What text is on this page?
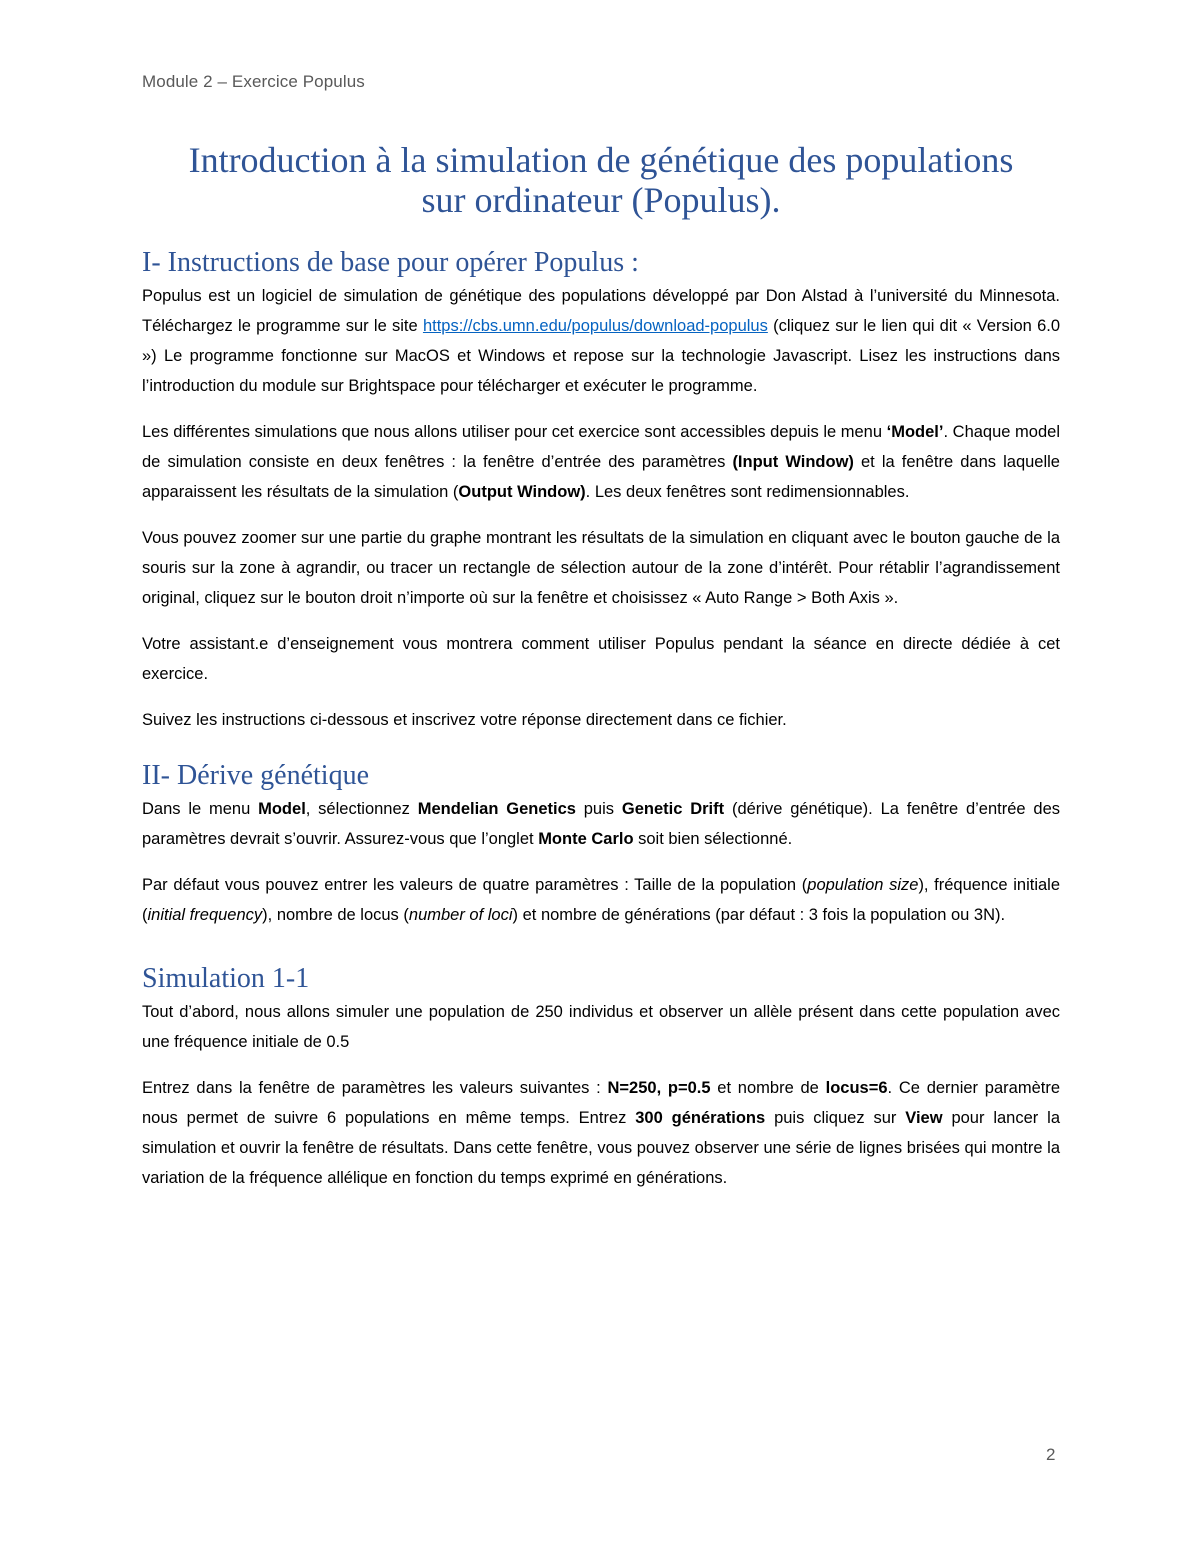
Module 2 – Exercice Populus
Introduction à la simulation de génétique des populations
sur ordinateur (Populus).
I- Instructions de base pour opérer Populus :

Populus est un logiciel de simulation de génétique des populations développé par Don Alstad à l’université du Minnesota. Téléchargez le programme sur le site https://cbs.umn.edu/populus/download-populus (cliquez sur le lien qui dit « Version 6.0 ») Le programme fonctionne sur MacOS et Windows et repose sur la technologie Javascript. Lisez les instructions dans l’introduction du module sur Brightspace pour télécharger et exécuter le programme.

Les différentes simulations que nous allons utiliser pour cet exercice sont accessibles depuis le menu ‘Model’. Chaque model de simulation consiste en deux fenêtres : la fenêtre d’entrée des paramètres (Input Window) et la fenêtre dans laquelle apparaissent les résultats de la simulation (Output Window). Les deux fenêtres sont redimensionnables.

Vous pouvez zoomer sur une partie du graphe montrant les résultats de la simulation en cliquant avec le bouton gauche de la souris sur la zone à agrandir, ou tracer un rectangle de sélection autour de la zone d’intérêt. Pour rétablir l’agrandissement original, cliquez sur le bouton droit n’importe où sur la fenêtre et choisissez « Auto Range > Both Axis ».

Votre assistant.e d’enseignement vous montrera comment utiliser Populus pendant la séance en directe dédiée à cet exercice.

Suivez les instructions ci-dessous et inscrivez votre réponse directement dans ce fichier.

II- Dérive génétique

Dans le menu Model, sélectionnez Mendelian Genetics puis Genetic Drift (dérive génétique). La fenêtre d’entrée des paramètres devrait s’ouvrir. Assurez-vous que l’onglet Monte Carlo soit bien sélectionné.

Par défaut vous pouvez entrer les valeurs de quatre paramètres : Taille de la population (population size), fréquence initiale (initial frequency), nombre de locus (number of loci) et nombre de générations (par défaut : 3 fois la population ou 3N).

Simulation 1-1

Tout d’abord, nous allons simuler une population de 250 individus et observer un allèle présent dans cette population avec une fréquence initiale de 0.5

Entrez dans la fenêtre de paramètres les valeurs suivantes : N=250, p=0.5 et nombre de locus=6. Ce dernier paramètre nous permet de suivre 6 populations en même temps. Entrez 300 générations puis cliquez sur View pour lancer la simulation et ouvrir la fenêtre de résultats. Dans cette fenêtre, vous pouvez observer une série de lignes brisées qui montre la variation de la fréquence allélique en fonction du temps exprimé en générations.

2
